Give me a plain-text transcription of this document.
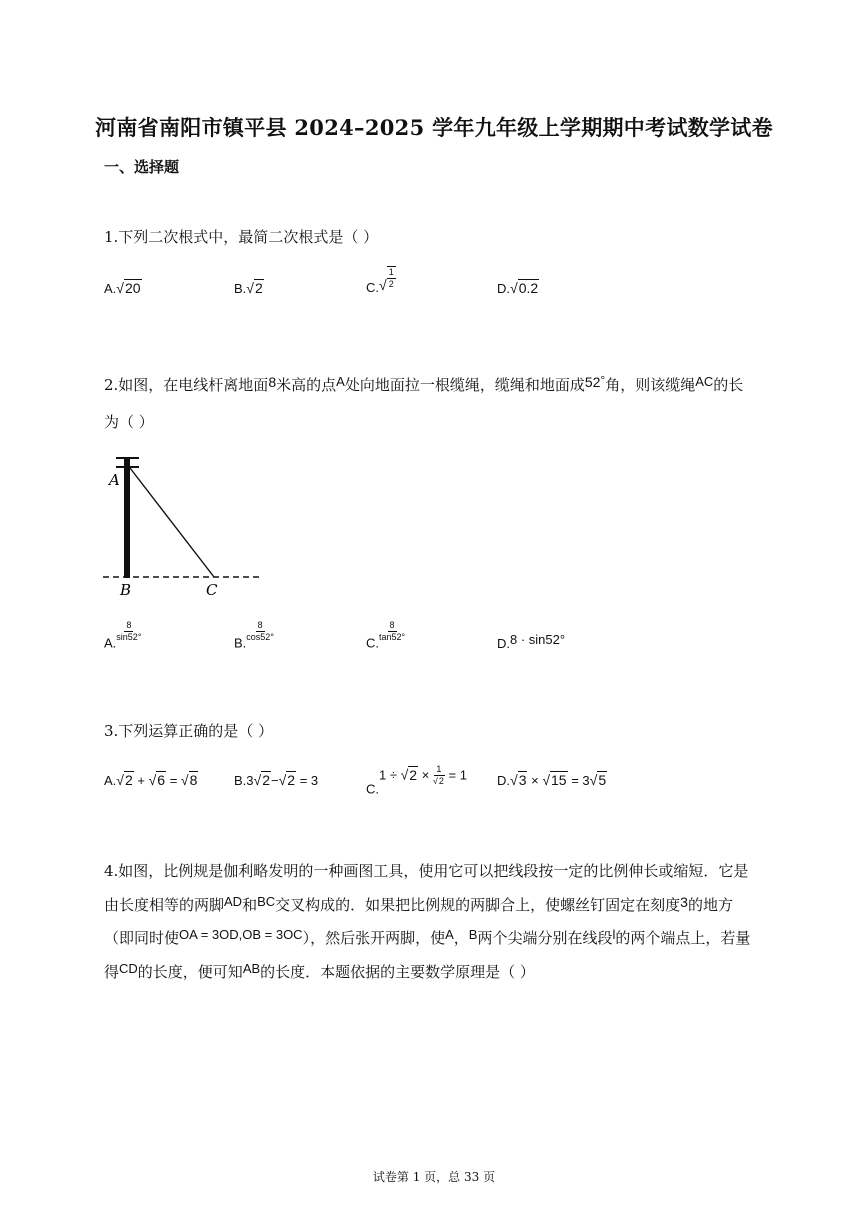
河南省南阳市镇平县 2024–2025 学年九年级上学期期中考试数学试卷
一、选择题
1.下列二次根式中，最简二次根式是（ ）
A.√20	B.√2	$C.√ \frac{1}{2}$	D.√0.2
2.如图，在电线杆离地面8米高的点A处向地面拉一根缆绳，缆绳和地面成52°角，则该缆绳AC的长
为（ ）
A
B	C
A. $\frac{8}{\sin 52^\circ}$	B. $\frac{8}{\cos 52^\circ}$	C. $\frac{8}{\tan 52^\circ}$
D.8 · sin52°
3.下列运算正确的是（ ）
A.√2 + √6 = √8	B.3√2−√2 = 3
$C.1 \div √2 \times \frac{1}{√2} = 1$ D.√3 × √15 = 3√5
4.如图，比例规是伽利略发明的一种画图工具，使用它可以把线段按一定的比例伸长或缩短．它是
由长度相等的两脚AD和BC交叉构成的．如果把比例规的两脚合上，使螺丝钉固定在刻度3的地方
（即同时使OA = 3OD,OB = 3OC），然后张开两脚，使A，B两个尖端分别在线段l的两个端点上，若量
得CD的长度，便可知AB的长度．本题依据的主要数学原理是（ ）
试卷第 1 页，总 33 页
